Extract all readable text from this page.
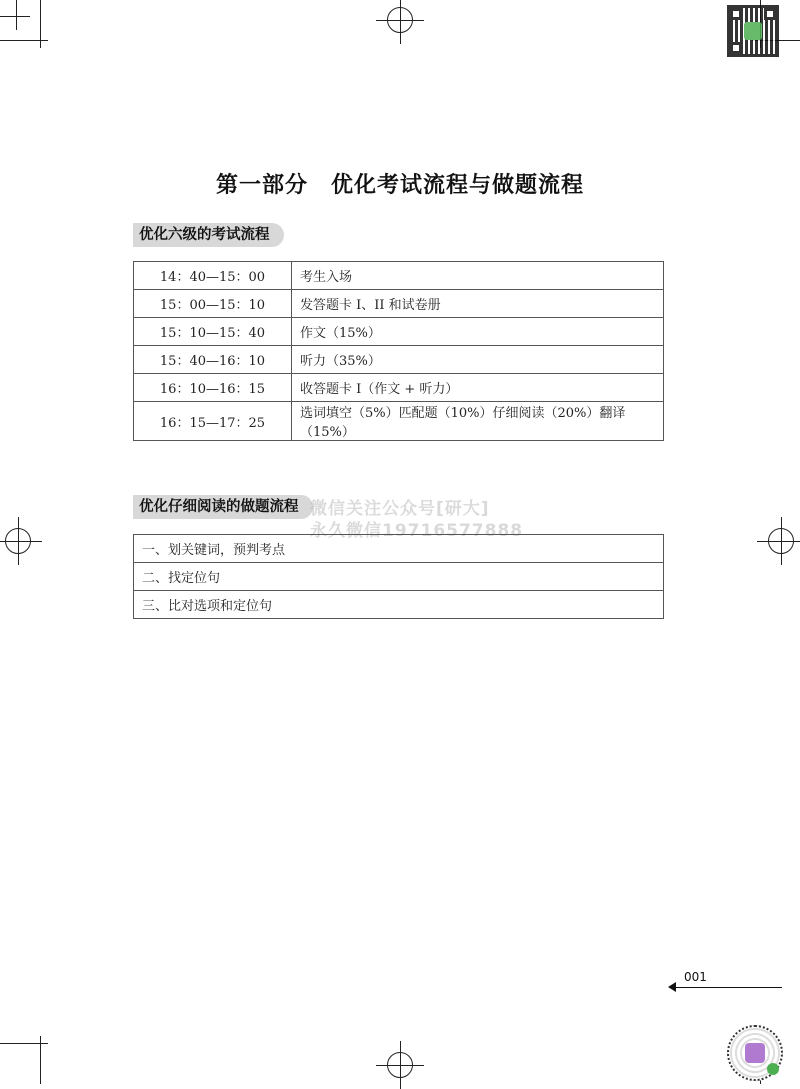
第一部分　优化考试流程与做题流程
优化六级的考试流程
14：40—15：00	考生入场
15：00—15：10	发答题卡 I、II 和试卷册
15：10—15：40	作文（15%）
15：40—16：10	听力（35%）
16：10—16：15	收答题卡 I（作文 + 听力）
16：15—17：25	选词填空（5%）匹配题（10%）仔细阅读（20%）翻译（15%）
优化仔细阅读的做题流程 微信关注公众号[研大]
永久微信19716577888
一、划关键词，预判考点
二、找定位句
三、比对选项和定位句
001
